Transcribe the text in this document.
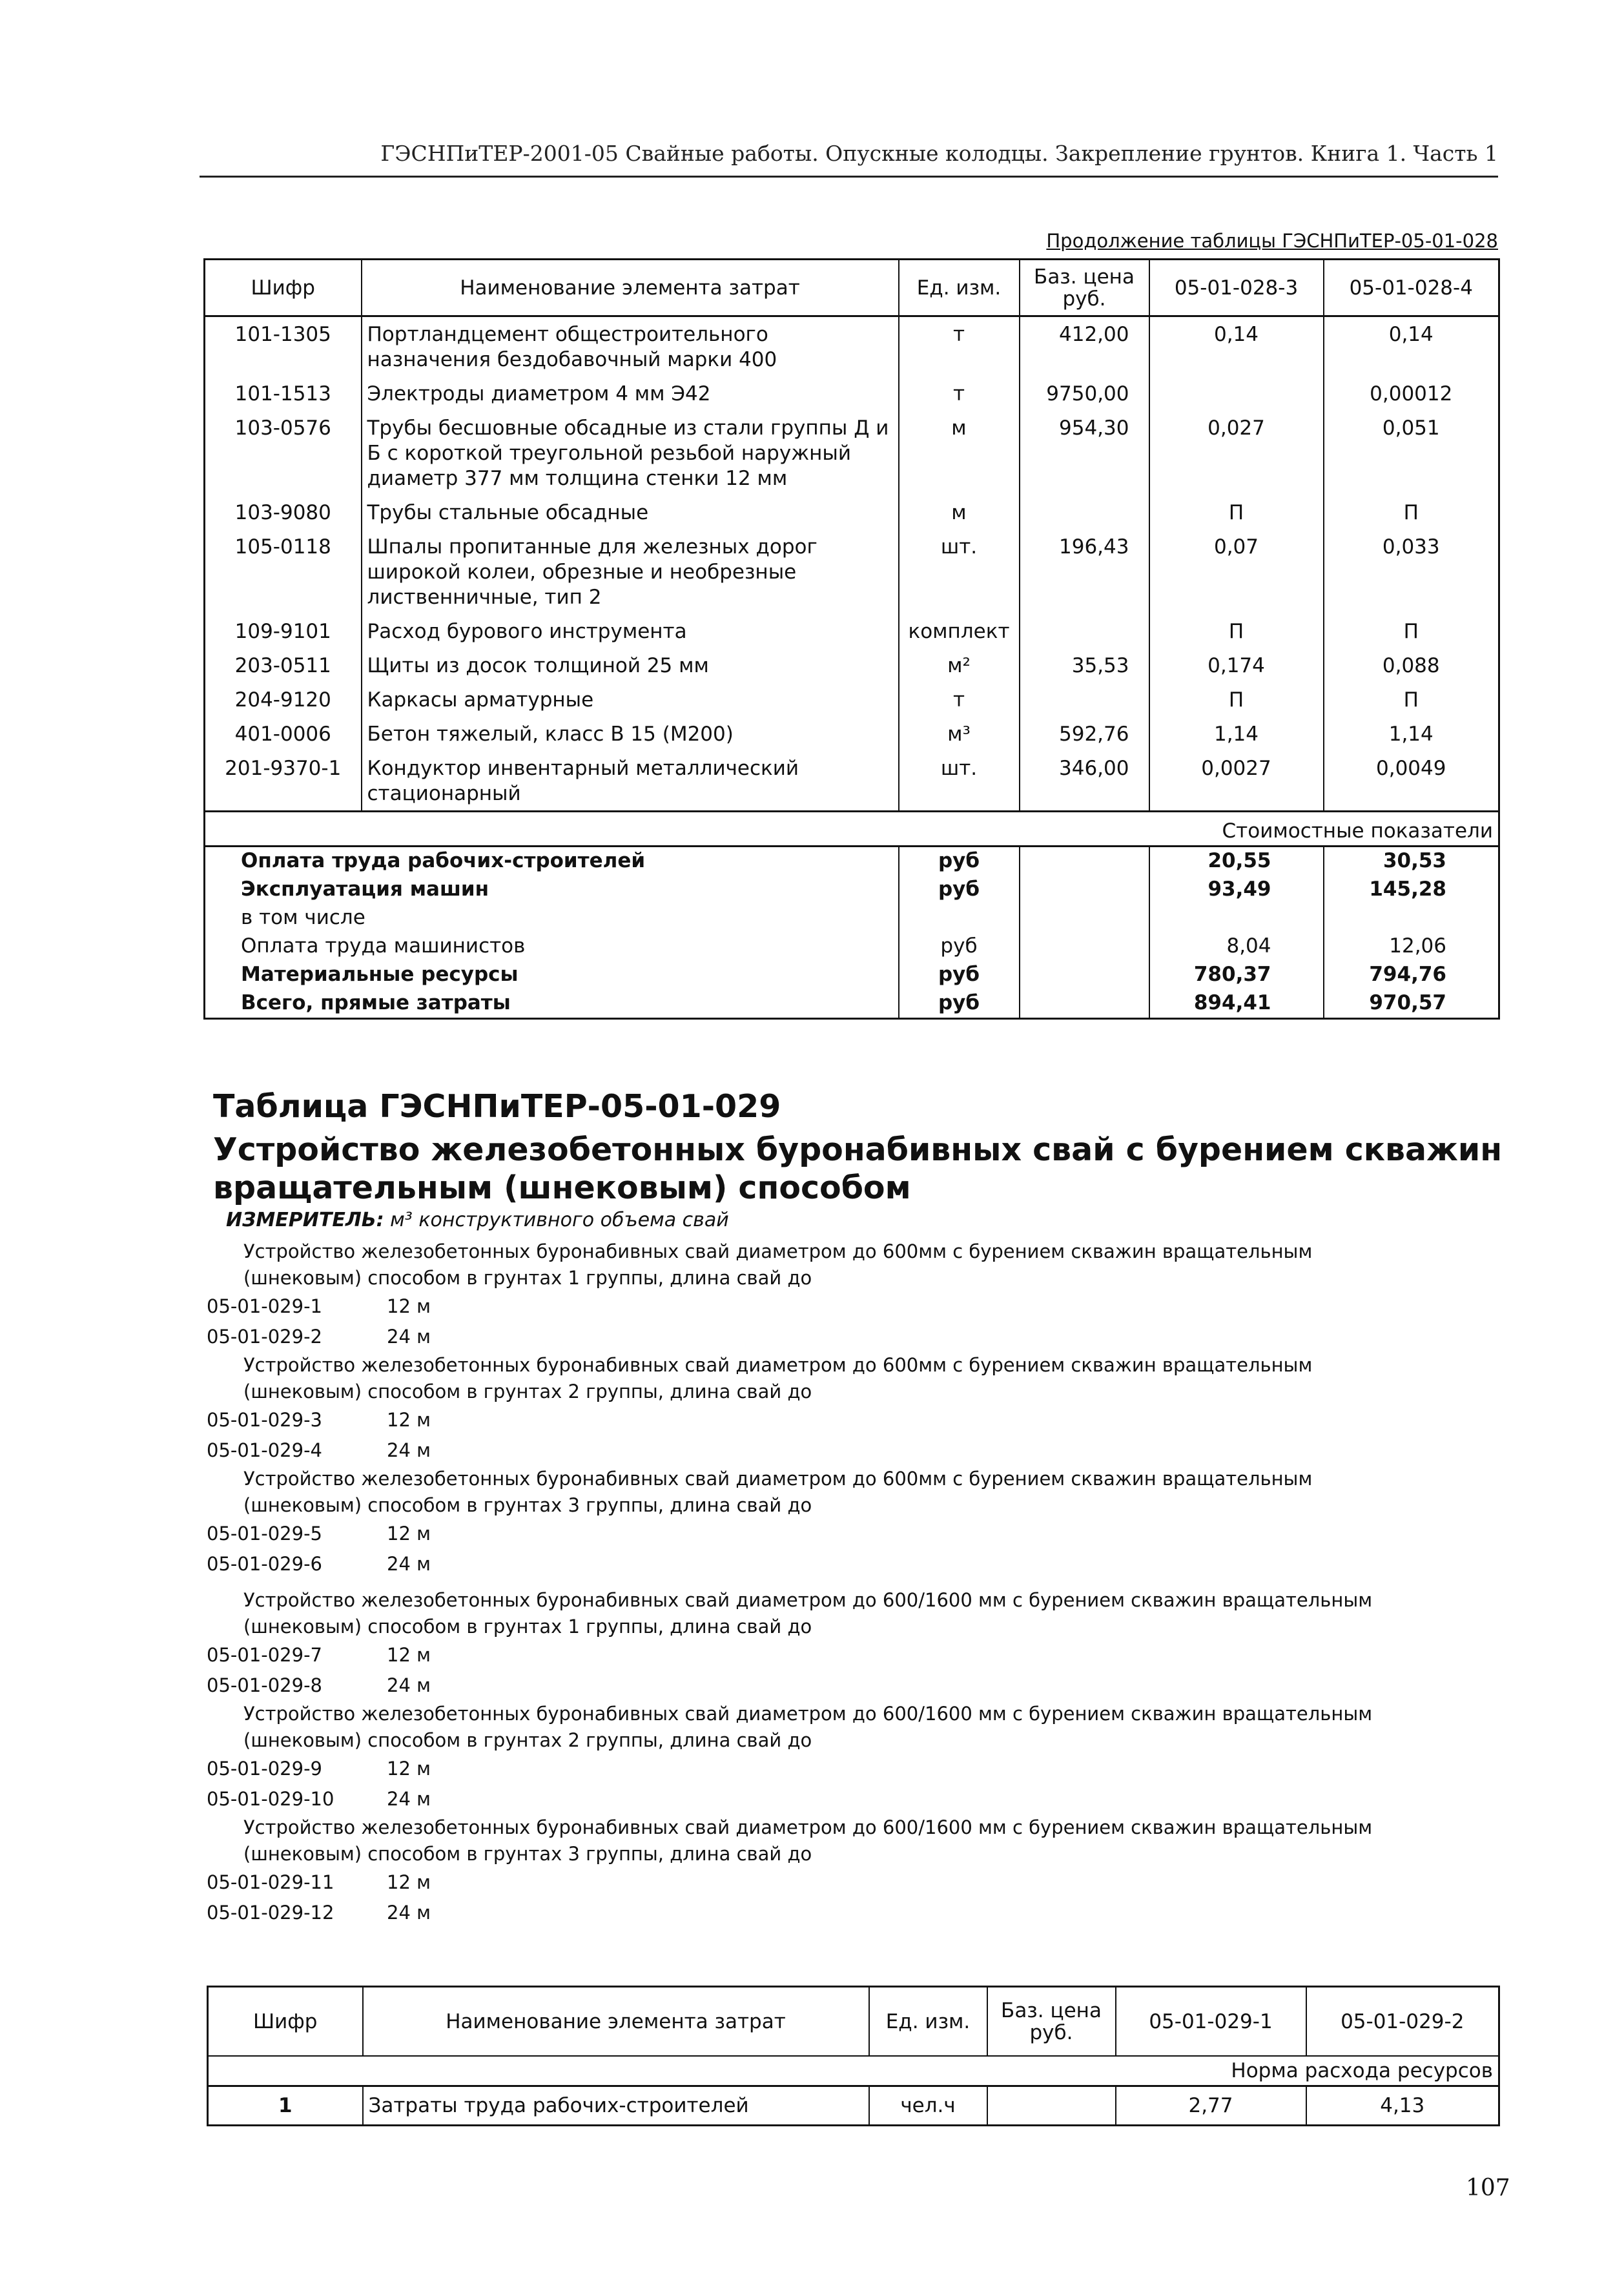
ГЭСНПиТЕР-2001-05 Свайные работы. Опускные колодцы. Закрепление грунтов. Книга 1. Часть 1
Продолжение таблицы ГЭСНПиТЕР-05-01-028
Шифр	Наименование элемента затрат	Ед. изм.	Баз. цена руб.	05-01-028-3	05-01-028-4
101-1305	Портландцемент общестроительного назначения бездобавочный марки 400	т	412,00	0,14	0,14
101-1513	Электроды диаметром 4 мм Э42	т	9750,00		0,00012
103-0576	Трубы бесшовные обсадные из стали группы Д и Б с короткой треугольной резьбой наружный диаметр 377 мм толщина стенки 12 мм	м	954,30	0,027	0,051
103-9080	Трубы стальные обсадные	м		П	П
105-0118	Шпалы пропитанные для железных дорог широкой колеи, обрезные и необрезные лиственничные, тип 2	шт.	196,43	0,07	0,033
109-9101	Расход бурового инструмента	комплект		П	П
203-0511	Щиты из досок толщиной 25 мм	м²	35,53	0,174	0,088
204-9120	Каркасы арматурные	т		П	П
401-0006	Бетон тяжелый, класс В 15 (М200)	м³	592,76	1,14	1,14
201-9370-1	Кондуктор инвентарный металлический стационарный	шт.	346,00	0,0027	0,0049
Стоимостные показатели					
Оплата труда рабочих-строителей		руб		20,55	30,53
Эксплуатация машин		руб		93,49	145,28
в том числе					
Оплата труда машинистов		руб		8,04	12,06
Материальные ресурсы		руб		780,37	794,76
Всего, прямые затраты		руб		894,41	970,57
Таблица ГЭСНПиТЕР-05-01-029
Устройство железобетонных буронабивных свай с бурением скважин
вращательным (шнековым) способом
ИЗМЕРИТЕЛЬ: м³ конструктивного объема свай
Устройство железобетонных буронабивных свай диаметром до 600мм с бурением скважин вращательным
(шнековым) способом в грунтах 1 группы, длина свай до
05-01-029-1	12 м
05-01-029-2	24 м
Устройство железобетонных буронабивных свай диаметром до 600мм с бурением скважин вращательным
(шнековым) способом в грунтах 2 группы, длина свай до
05-01-029-3	12 м
05-01-029-4	24 м
Устройство железобетонных буронабивных свай диаметром до 600мм с бурением скважин вращательным
(шнековым) способом в грунтах 3 группы, длина свай до
05-01-029-5	12 м
05-01-029-6	24 м
Устройство железобетонных буронабивных свай диаметром до 600/1600 мм с бурением скважин вращательным
(шнековым) способом в грунтах 1 группы, длина свай до
05-01-029-7	12 м
05-01-029-8	24 м
Устройство железобетонных буронабивных свай диаметром до 600/1600 мм с бурением скважин вращательным
(шнековым) способом в грунтах 2 группы, длина свай до
05-01-029-9	12 м
05-01-029-10	24 м
Устройство железобетонных буронабивных свай диаметром до 600/1600 мм с бурением скважин вращательным
(шнековым) способом в грунтах 3 группы, длина свай до
05-01-029-11	12 м
05-01-029-12	24 м
Шифр	Наименование элемента затрат	Ед. изм.	Баз. цена руб.	05-01-029-1	05-01-029-2
Норма расхода ресурсов					
1	Затраты труда рабочих-строителей	чел.ч		2,77	4,13
107
